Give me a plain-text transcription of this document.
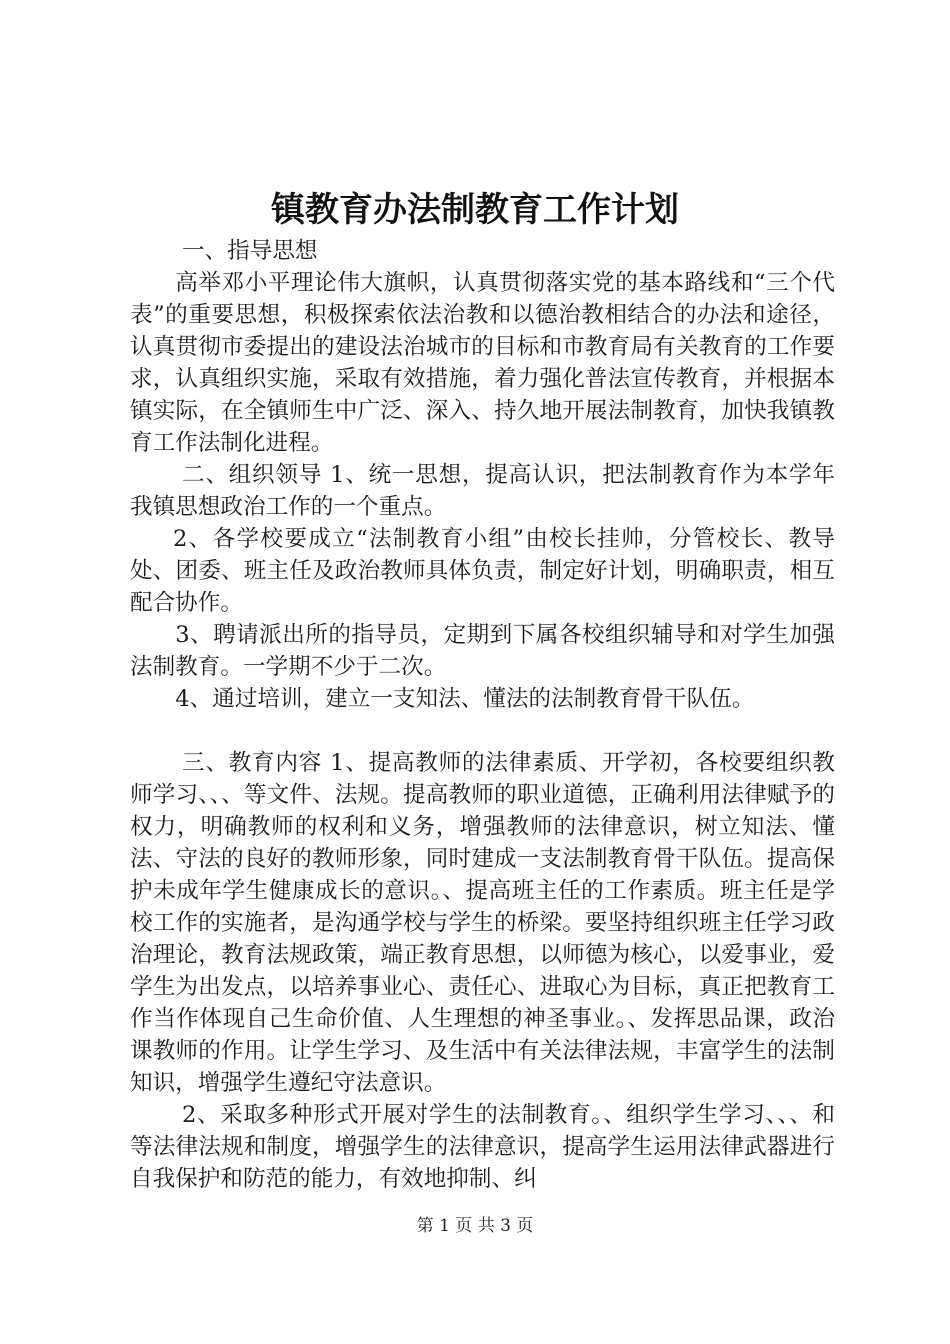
镇教育办法制教育工作计划

一、指导思想

高举邓小平理论伟大旗帜，认真贯彻落实党的基本路线和“三个代表”的重要思想，积极探索依法治教和以德治教相结合的办法和途径，认真贯彻市委提出的建设法治城市的目标和市教育局有关教育的工作要求，认真组织实施，采取有效措施，着力强化普法宣传教育，并根据本镇实际，在全镇师生中广泛、深入、持久地开展法制教育，加快我镇教育工作法制化进程。

二、组织领导 1、统一思想，提高认识，把法制教育作为本学年我镇思想政治工作的一个重点。

2、各学校要成立“法制教育小组”由校长挂帅，分管校长、教导处、团委、班主任及政治教师具体负责，制定好计划，明确职责，相互配合协作。

3、聘请派出所的指导员，定期到下属各校组织辅导和对学生加强法制教育。一学期不少于二次。

4、通过培训，建立一支知法、懂法的法制教育骨干队伍。

三、教育内容 1、提高教师的法律素质、开学初，各校要组织教师学习、、、等文件、法规。提高教师的职业道德，正确利用法律赋予的权力，明确教师的权利和义务，增强教师的法律意识，树立知法、懂法、守法的良好的教师形象，同时建成一支法制教育骨干队伍。提高保护未成年学生健康成长的意识。、提高班主任的工作素质。班主任是学校工作的实施者，是沟通学校与学生的桥梁。要坚持组织班主任学习政治理论，教育法规政策，端正教育思想，以师德为核心，以爱事业，爱学生为出发点，以培养事业心、责任心、进取心为目标，真正把教育工作当作体现自己生命价值、人生理想的神圣事业。、发挥思品课，政治课教师的作用。让学生学习、及生活中有关法律法规，丰富学生的法制知识，增强学生遵纪守法意识。

2、采取多种形式开展对学生的法制教育。、组织学生学习、、、和等法律法规和制度，增强学生的法律意识，提高学生运用法律武器进行自我保护和防范的能力，有效地抑制、纠

第 1 页 共 3 页
